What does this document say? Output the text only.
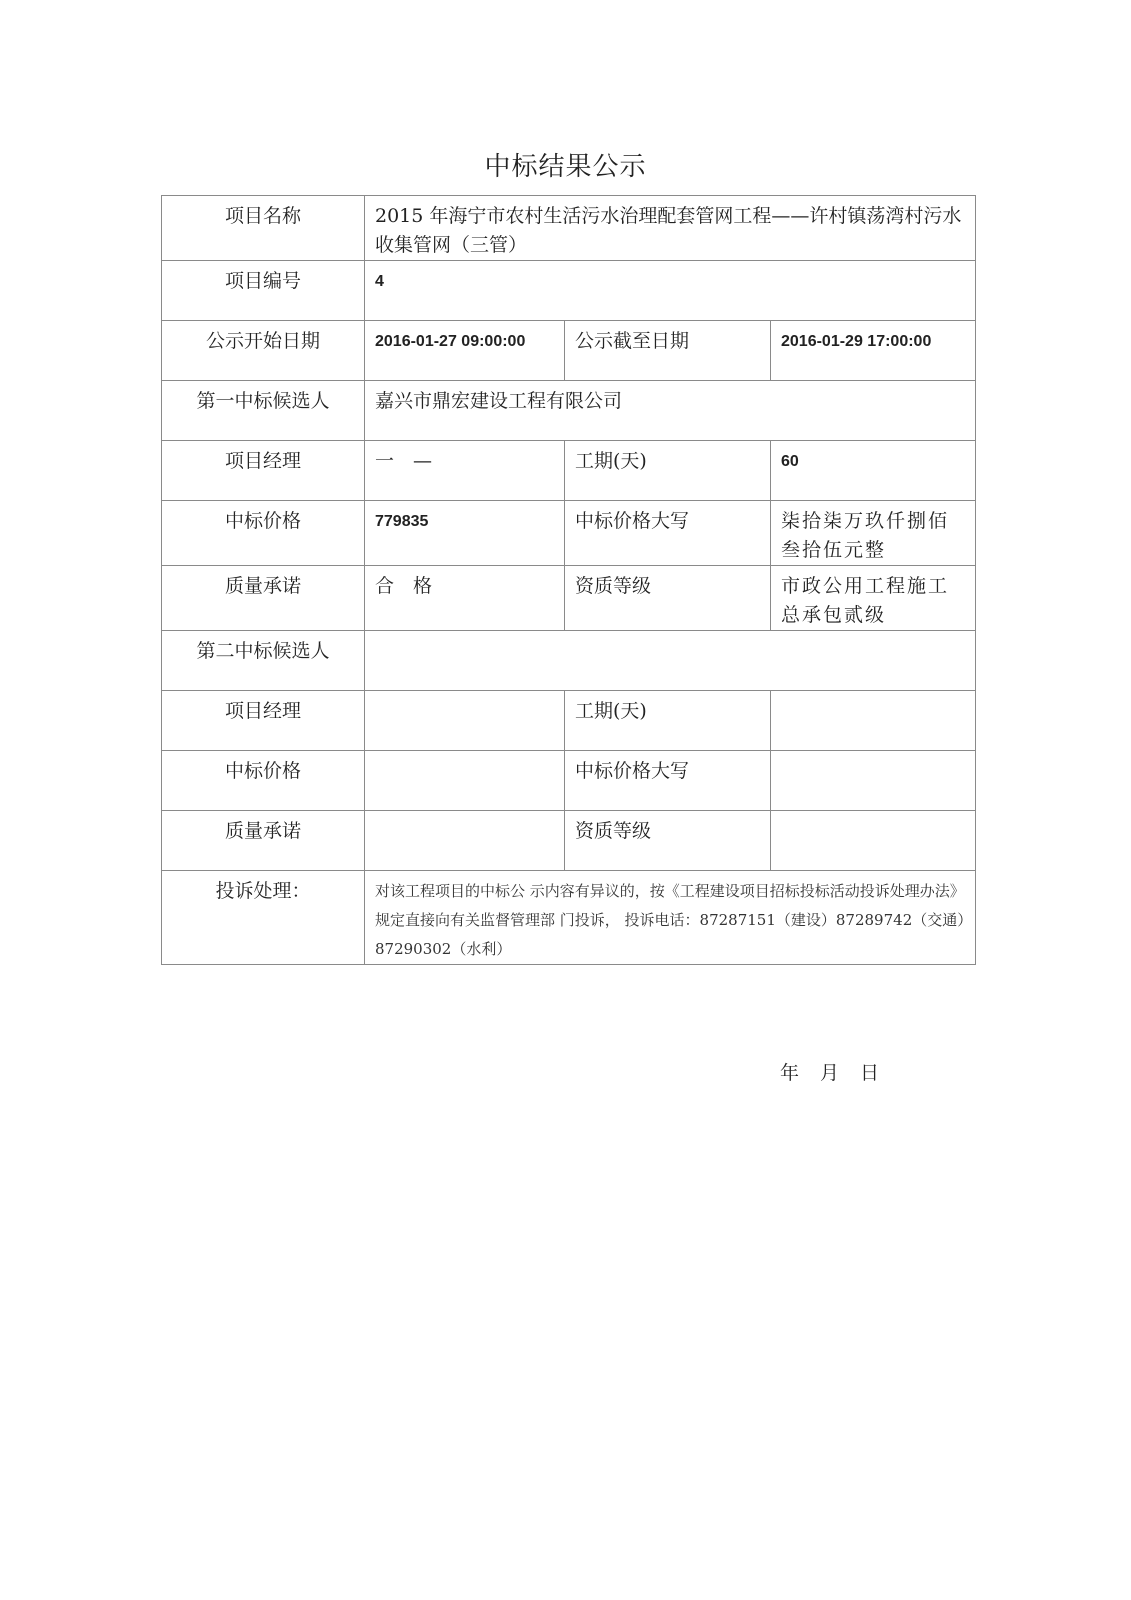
中标结果公示
项目名称	2015 年海宁市农村生活污水治理配套管网工程——许村镇荡湾村污水收集管网（三管）		
项目编号	4		
公示开始日期	2016-01-27 09:00:00	公示截至日期	2016-01-29 17:00:00
第一中标候选人	嘉兴市鼎宏建设工程有限公司		
项目经理	一　—	工期(天)	60
中标价格	779835	中标价格大写	柒拾柒万玖仟捌佰叁拾伍元整
质量承诺	合　格	资质等级	市政公用工程施工总承包贰级
第二中标候选人			
项目经理		工期(天)	
中标价格		中标价格大写	
质量承诺		资质等级	
投诉处理：	对该工程项目的中标公 示内容有异议的，按《工程建设项目招标投标活动投诉处理办法》 规定直接向有关监督管理部 门投诉， 投诉电话：87287151（建设）87289742（交通）87290302（水利）		
年　月　日
